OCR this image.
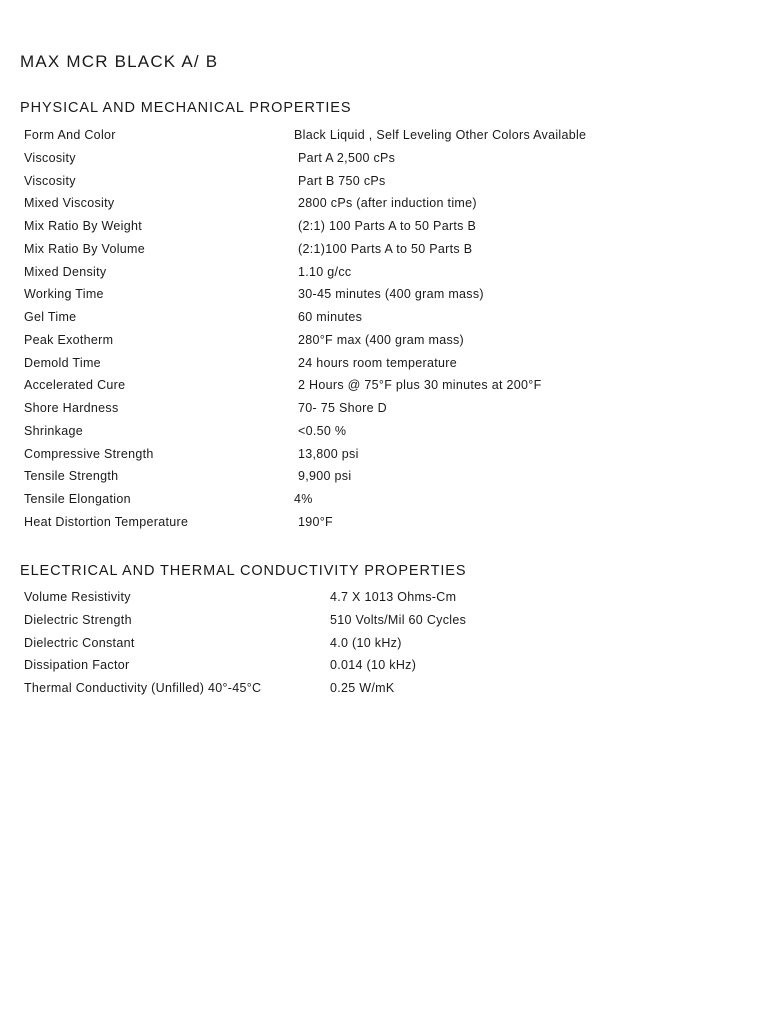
MAX MCR BLACK A/ B
PHYSICAL AND MECHANICAL PROPERTIES
Form And Color	Black Liquid , Self Leveling Other Colors Available
Viscosity	Part A 2,500 cPs
Viscosity	Part B 750 cPs
Mixed Viscosity	2800 cPs (after induction time)
Mix Ratio By Weight	(2:1) 100 Parts A to 50 Parts B
Mix Ratio By Volume	(2:1)100 Parts A to 50 Parts B
Mixed Density	1.10 g/cc
Working Time	30-45 minutes (400 gram mass)
Gel Time	60 minutes
Peak Exotherm	280°F max (400 gram mass)
Demold Time	24 hours room temperature
Accelerated Cure	2 Hours @ 75°F plus 30 minutes at 200°F
Shore Hardness	70- 75 Shore D
Shrinkage	<0.50 %
Compressive Strength	13,800 psi
Tensile Strength	9,900 psi
Tensile Elongation	4%
Heat Distortion Temperature	190°F
ELECTRICAL AND THERMAL CONDUCTIVITY PROPERTIES
Volume Resistivity	4.7 X 1013 Ohms-Cm
Dielectric Strength	510 Volts/Mil 60 Cycles
Dielectric Constant	4.0 (10 kHz)
Dissipation Factor	0.014 (10 kHz)
Thermal Conductivity (Unfilled) 40°-45°C	0.25 W/mK
